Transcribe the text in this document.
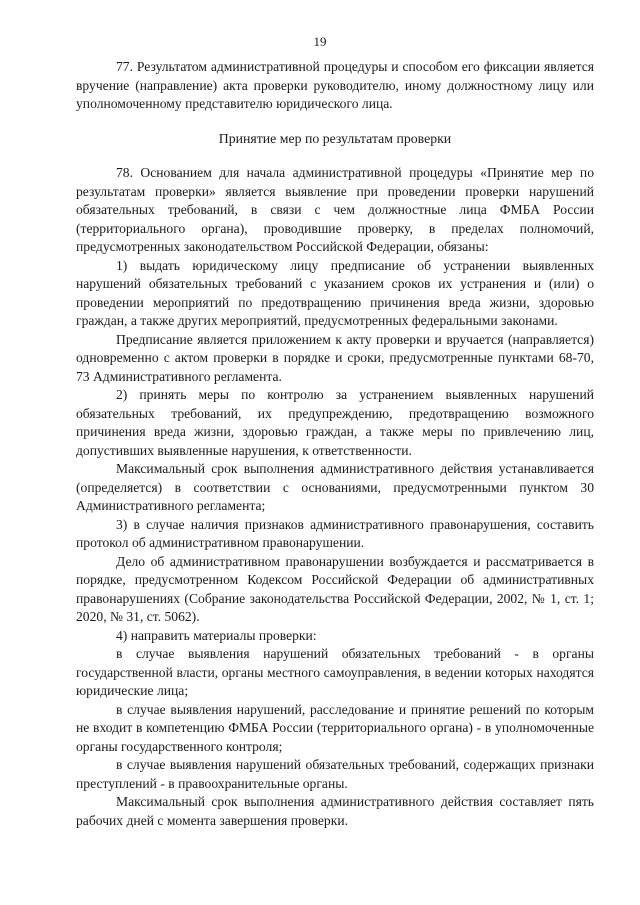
19

77. Результатом административной процедуры и способом его фиксации является вручение (направление) акта проверки руководителю, иному должностному лицу или уполномоченному представителю юридического лица.

Принятие мер по результатам проверки

78. Основанием для начала административной процедуры «Принятие мер по результатам проверки» является выявление при проведении проверки нарушений обязательных требований, в связи с чем должностные лица ФМБА России (территориального органа), проводившие проверку, в пределах полномочий, предусмотренных законодательством Российской Федерации, обязаны:

1) выдать юридическому лицу предписание об устранении выявленных нарушений обязательных требований с указанием сроков их устранения и (или) о проведении мероприятий по предотвращению причинения вреда жизни, здоровью граждан, а также других мероприятий, предусмотренных федеральными законами.

Предписание является приложением к акту проверки и вручается (направляется) одновременно с актом проверки в порядке и сроки, предусмотренные пунктами 68-70, 73 Административного регламента.

2) принять меры по контролю за устранением выявленных нарушений обязательных требований, их предупреждению, предотвращению возможного причинения вреда жизни, здоровью граждан, а также меры по привлечению лиц, допустивших выявленные нарушения, к ответственности.

Максимальный срок выполнения административного действия устанавливается (определяется) в соответствии с основаниями, предусмотренными пунктом 30 Административного регламента;

3) в случае наличия признаков административного правонарушения, составить протокол об административном правонарушении.

Дело об административном правонарушении возбуждается и рассматривается в порядке, предусмотренном Кодексом Российской Федерации об административных правонарушениях (Собрание законодательства Российской Федерации, 2002, № 1, ст. 1; 2020, № 31, ст. 5062).

4) направить материалы проверки:

в случае выявления нарушений обязательных требований - в органы государственной власти, органы местного самоуправления, в ведении которых находятся юридические лица;

в случае выявления нарушений, расследование и принятие решений по которым не входит в компетенцию ФМБА России (территориального органа) - в уполномоченные органы государственного контроля;

в случае выявления нарушений обязательных требований, содержащих признаки преступлений - в правоохранительные органы.

Максимальный срок выполнения административного действия составляет пять рабочих дней с момента завершения проверки.
